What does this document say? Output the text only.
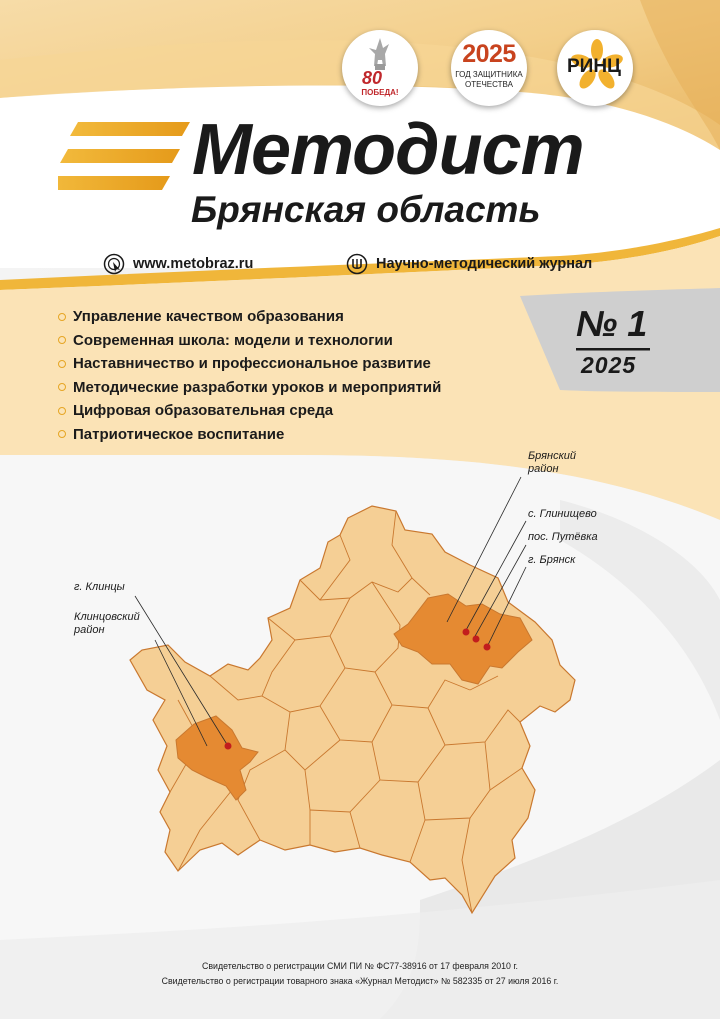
80
ПОБЕДА!
2025
ГОД ЗАЩИТНИКА
ОТЕЧЕСТВА
РИНЦ
Методист
Брянская область
www.metobraz.ru	Научно-методический журнал
Управление качеством образования
Современная школа: модели и технологии
Наставничество и профессиональное развитие
Методические разработки уроков и мероприятий
Цифровая образовательная среда
Патриотическое воспитание
№ 1
2025
Брянский
район
с. Глинищево
пос. Путёвка
г. Брянск
г. Клинцы
Клинцовский
район
Свидетельство о регистрации СМИ ПИ № ФС77-38916 от 17 февраля 2010 г.
Свидетельство о регистрации товарного знака «Журнал Методист» № 582335 от 27 июля 2016 г.
